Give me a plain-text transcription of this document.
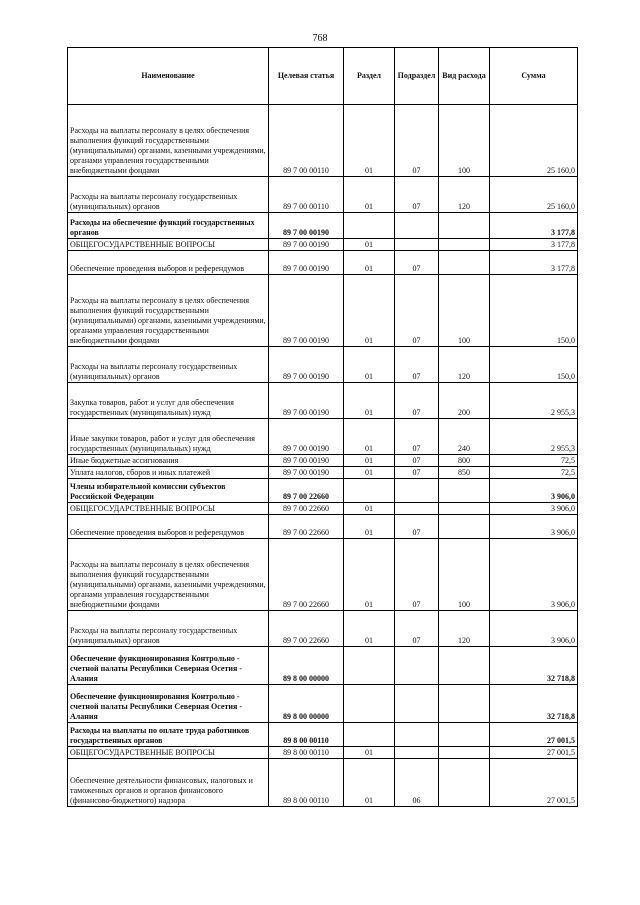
768
Наименование	Целевая статья	Раздел	Подраздел	Вид расхода	Сумма
Расходы на выплаты персоналу в целях обеспечения выполнения функций государственными (муниципальными) органами, казенными учреждениями, органами управления государственными внебюджетными фондами	89 7 00 00110	01	07	100	25 160,0
Расходы на выплаты персоналу государственных (муниципальных) органов	89 7 00 00110	01	07	120	25 160,0
Расходы на обеспечение функций государственных органов	89 7 00 00190				3 177,8
ОБЩЕГОСУДАРСТВЕННЫЕ ВОПРОСЫ	89 7 00 00190	01			3 177,8
Обеспечение проведения выборов и референдумов	89 7 00 00190	01	07		3 177,8
Расходы на выплаты персоналу в целях обеспечения выполнения функций государственными (муниципальными) органами, казенными учреждениями, органами управления государственными внебюджетными фондами	89 7 00 00190	01	07	100	150,0
Расходы на выплаты персоналу государственных (муниципальных) органов	89 7 00 00190	01	07	120	150,0
Закупка товаров, работ и услуг для обеспечения государственных (муниципальных) нужд	89 7 00 00190	01	07	200	2 955,3
Иные закупки товаров, работ и услуг для обеспечения государственных (муниципальных) нужд	89 7 00 00190	01	07	240	2 955,3
Иные бюджетные ассигнования	89 7 00 00190	01	07	800	72,5
Уплата налогов, сборов и иных платежей	89 7 00 00190	01	07	850	72,5
Члены избирательной комиссии субъектов Российской Федерации	89 7 00 22660				3 906,0
ОБЩЕГОСУДАРСТВЕННЫЕ ВОПРОСЫ	89 7 00 22660	01			3 906,0
Обеспечение проведения выборов и референдумов	89 7 00 22660	01	07		3 906,0
Расходы на выплаты персоналу в целях обеспечения выполнения функций государственными (муниципальными) органами, казенными учреждениями, органами управления государственными внебюджетными фондами	89 7 00 22660	01	07	100	3 906,0
Расходы на выплаты персоналу государственных (муниципальных) органов	89 7 00 22660	01	07	120	3 906,0
Обеспечение функционирования Контрольно - счетной палаты Республики Северная Осетия - Алания	89 8 00 00000				32 718,8
Обеспечение функционирования Контрольно - счетной палаты Республики Северная Осетия - Алания	89 8 00 00000				32 718,8
Расходы на выплаты по оплате труда работников государственных органов	89 8 00 00110				27 001,5
ОБЩЕГОСУДАРСТВЕННЫЕ ВОПРОСЫ	89 8 00 00110	01			27 001,5
Обеспечение деятельности финансовых, налоговых и таможенных органов и органов финансового (финансово-бюджетного) надзора	89 8 00 00110	01	06		27 001,5
